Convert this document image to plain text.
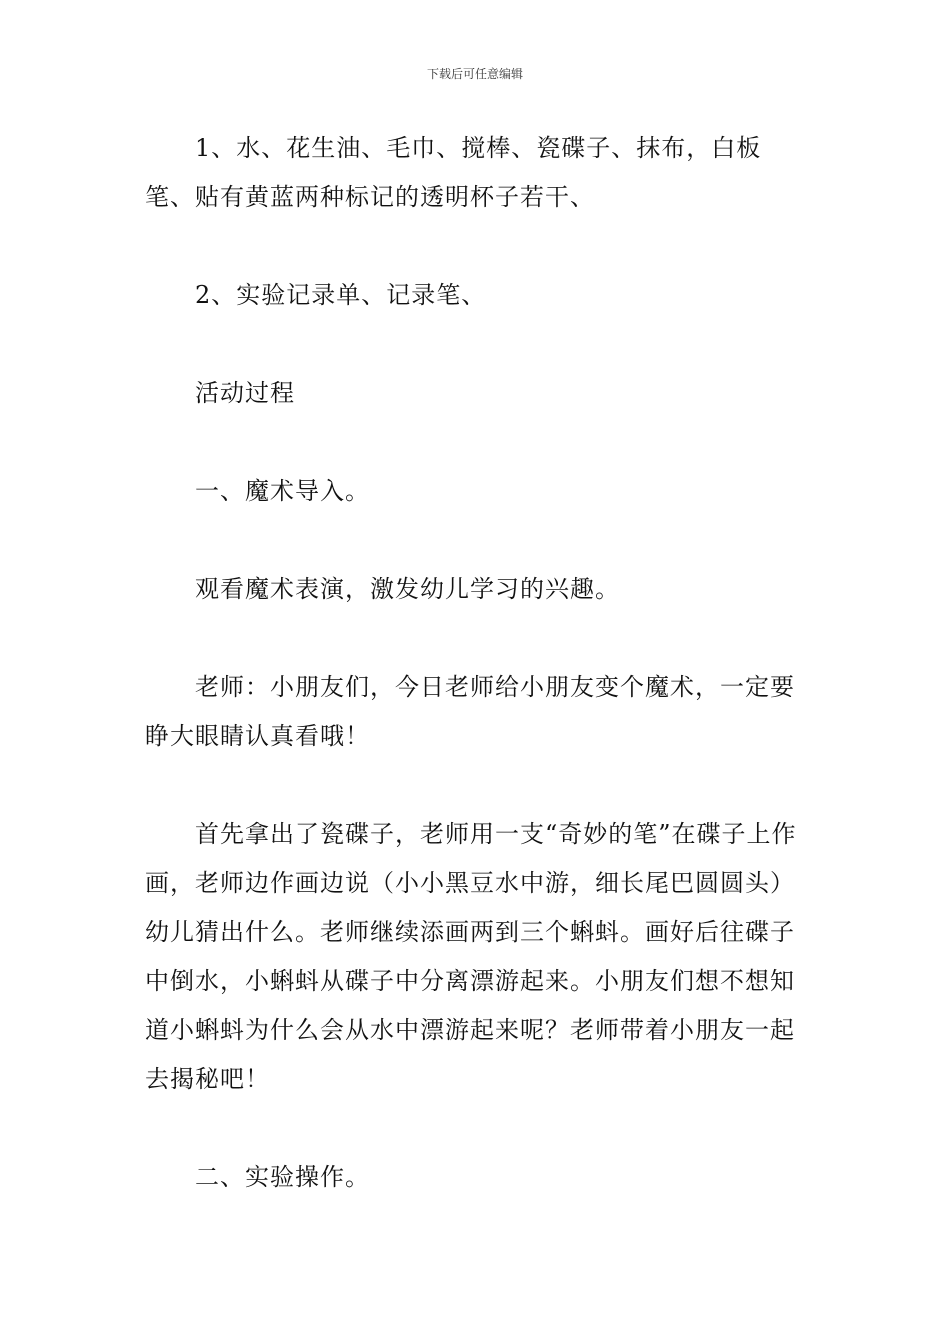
下载后可任意编辑

1、水、花生油、毛巾、搅棒、瓷碟子、抹布，白板笔、贴有黄蓝两种标记的透明杯子若干、

2、实验记录单、记录笔、

活动过程

一、魔术导入。

观看魔术表演，激发幼儿学习的兴趣。

老师：小朋友们，今日老师给小朋友变个魔术，一定要睁大眼睛认真看哦！

首先拿出了瓷碟子，老师用一支“奇妙的笔”在碟子上作画，老师边作画边说（小小黑豆水中游，细长尾巴圆圆头）幼儿猜出什么。老师继续添画两到三个蝌蚪。画好后往碟子中倒水，小蝌蚪从碟子中分离漂游起来。小朋友们想不想知道小蝌蚪为什么会从水中漂游起来呢？老师带着小朋友一起去揭秘吧！

二、实验操作。
